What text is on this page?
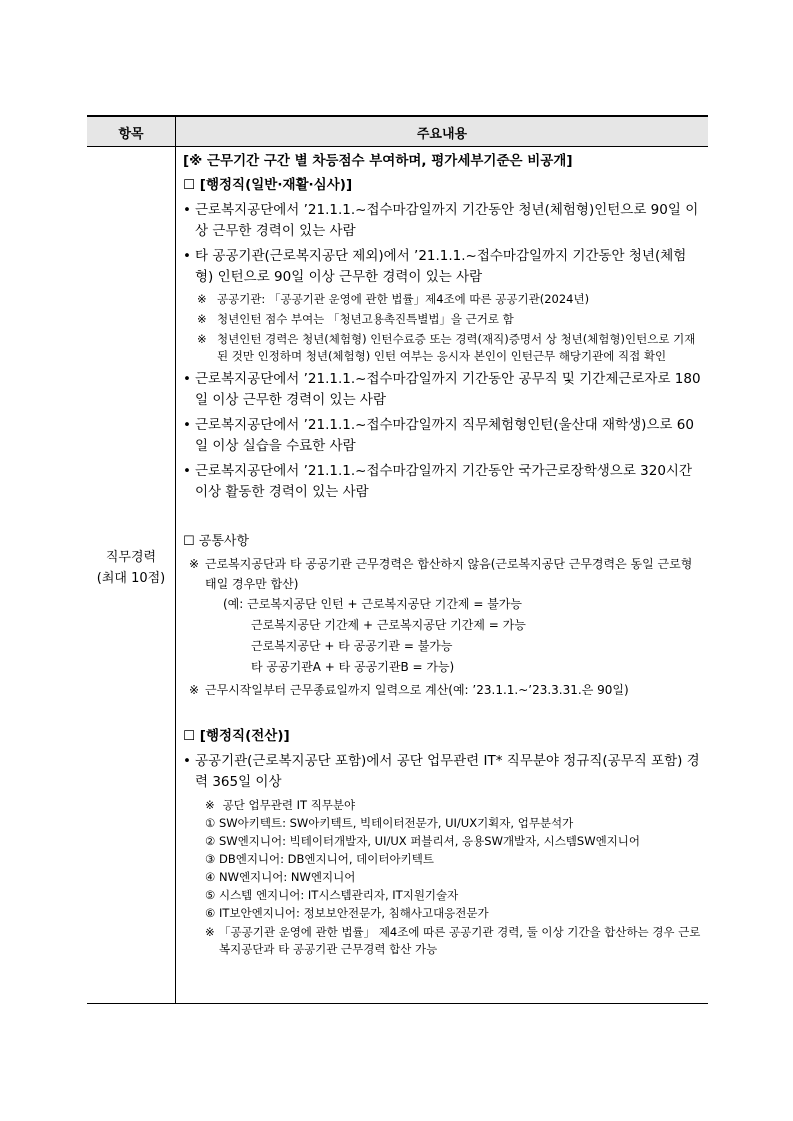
항목	주요내용
직무경력
(최대 10점)
[※ 근무기간 구간 별 차등점수 부여하며, 평가세부기준은 비공개]
☐ [행정직(일반·재활·심사)]
• 근로복지공단에서 ’21.1.1.~접수마감일까지 기간동안 청년(체험형)인턴으로 90일 이상 근무한 경력이 있는 사람
• 타 공공기관(근로복지공단 제외)에서 ’21.1.1.~접수마감일까지 기간동안 청년(체험형) 인턴으로 90일 이상 근무한 경력이 있는 사람
※ 공공기관: 「공공기관 운영에 관한 법률」제4조에 따른 공공기관(2024년)
※ 청년인턴 점수 부여는 「청년고용촉진특별법」을 근거로 함
※ 청년인턴 경력은 청년(체험형) 인턴수료증 또는 경력(재직)증명서 상 청년(체험형)인턴으로 기재된 것만 인정하며 청년(체험형) 인턴 여부는 응시자 본인이 인턴근무 해당기관에 직접 확인
• 근로복지공단에서 ’21.1.1.~접수마감일까지 기간동안 공무직 및 기간제근로자로 180일 이상 근무한 경력이 있는 사람
• 근로복지공단에서 ’21.1.1.~접수마감일까지 직무체험형인턴(울산대 재학생)으로 60일 이상 실습을 수료한 사람
• 근로복지공단에서 ’21.1.1.~접수마감일까지 기간동안 국가근로장학생으로 320시간 이상 활동한 경력이 있는 사람
☐ 공통사항
※ 근로복지공단과 타 공공기관 근무경력은 합산하지 않음(근로복지공단 근무경력은 동일 근로형태일 경우만 합산)
(예: 근로복지공단 인턴 + 근로복지공단 기간제 = 불가능
근로복지공단 기간제 + 근로복지공단 기간제 = 가능
근로복지공단 + 타 공공기관 = 불가능
타 공공기관A + 타 공공기관B = 가능)
※ 근무시작일부터 근무종료일까지 일력으로 계산(예: ’23.1.1.~’23.3.31.은 90일)
☐ [행정직(전산)]
• 공공기관(근로복지공단 포함)에서 공단 업무관련 IT* 직무분야 정규직(공무직 포함) 경력 365일 이상
※ 공단 업무관련 IT 직무분야
① SW아키텍트: SW아키텍트, 빅테이터전문가, UI/UX기획자, 업무분석가
② SW엔지니어: 빅테이터개발자, UI/UX 퍼블리셔, 응용SW개발자, 시스템SW엔지니어
③ DB엔지니어: DB엔지니어, 데이터아키텍트
④ NW엔지니어: NW엔지니어
⑤ 시스템 엔지니어: IT시스템관리자, IT지원기술자
⑥ IT보안엔지니어: 정보보안전문가, 침해사고대응전문가
※ 「공공기관 운영에 관한 법률」 제4조에 따른 공공기관 경력, 둘 이상 기간을 합산하는 경우 근로복지공단과 타 공공기관 근무경력 합산 가능
